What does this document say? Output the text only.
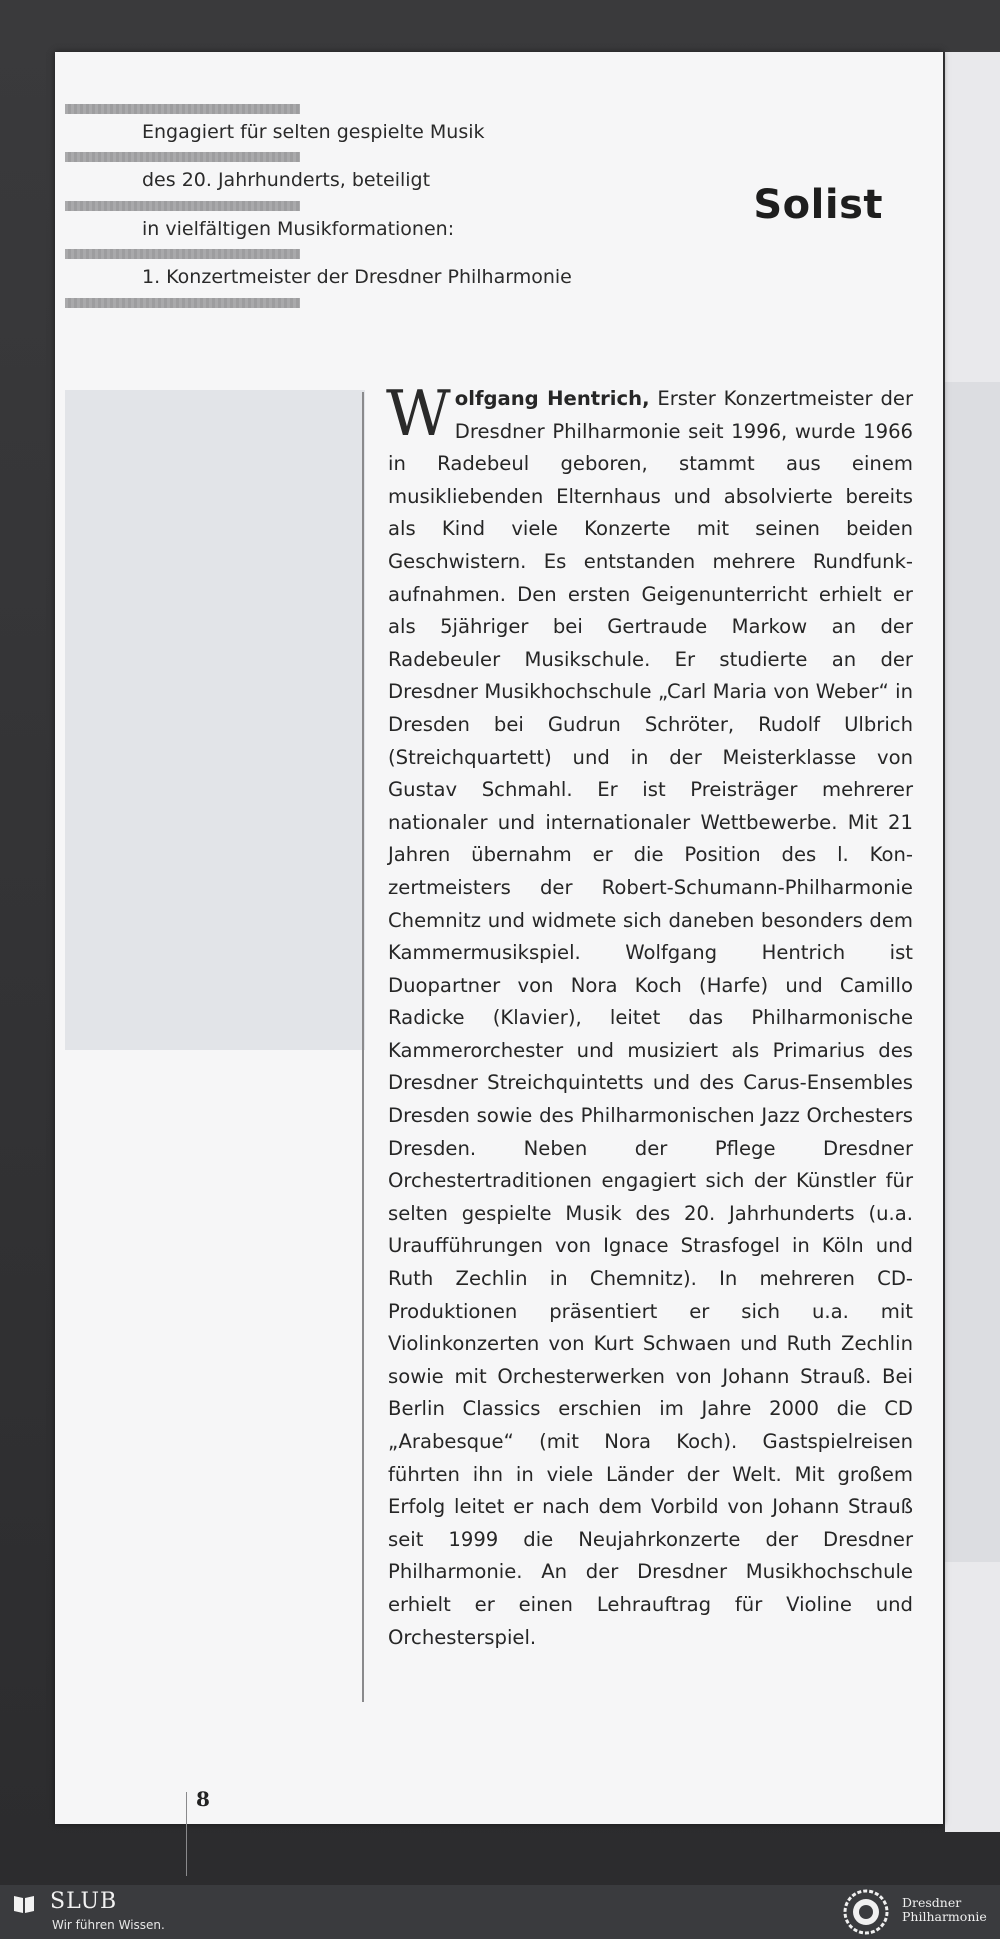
Engagiert für selten gespielte Musik
des 20. Jahrhunderts, beteiligt
in vielfältigen Musikformationen:
1. Konzertmeister der Dresdner Philharmonie
Solist
Wolfgang Hentrich, Erster Konzertmeister der Dresdner Philharmonie seit 1996, wurde 1966 in Radebeul geboren, stammt aus einem musikliebenden Elternhaus und absolvierte bereits als Kind viele Konzerte mit seinen beiden Geschwistern. Es entstanden mehrere Rundfunkaufnahmen. Den ersten Geigenunterricht erhielt er als 5jähriger bei Gertraude Markow an der Radebeuler Musikschule. Er studierte an der Dresdner Musikhochschule „Carl Maria von Weber“ in Dresden bei Gudrun Schröter, Rudolf Ulbrich (Streichquartett) und in der Meisterklasse von Gustav Schmahl. Er ist Preisträger mehrerer nationaler und internationaler Wettbewerbe. Mit 21 Jahren übernahm er die Position des l. Konzertmeisters der Robert-Schumann-Philharmonie Chemnitz und widmete sich daneben besonders dem Kammermusikspiel. Wolfgang Hentrich ist Duopartner von Nora Koch (Harfe) und Camillo Radicke (Klavier), leitet das Philharmonische Kammerorchester und musiziert als Primarius des Dresdner Streichquintetts und des Carus-Ensembles Dresden sowie des Philharmonischen Jazz Orchesters Dresden. Neben der Pflege Dresdner Orchestertraditionen engagiert sich der Künstler für selten gespielte Musik des 20. Jahrhunderts (u.a. Uraufführungen von Ignace Strasfogel in Köln und Ruth Zechlin in Chemnitz). In mehreren CD-Produktionen präsentiert er sich u.a. mit Violinkonzerten von Kurt Schwaen und Ruth Zechlin sowie mit Orchesterwerken von Johann Strauß. Bei Berlin Classics erschien im Jahre 2000 die CD „Arabesque“ (mit Nora Koch). Gastspielreisen führten ihn in viele Länder der Welt. Mit großem Erfolg leitet er nach dem Vorbild von Johann Strauß seit 1999 die Neujahrkonzerte der Dresdner Philharmonie. An der Dresdner Musikhochschule erhielt er einen Lehrauftrag für Violine und Orchesterspiel.
8
SLUB
Wir führen Wissen.
Dresdner
Philharmonie
